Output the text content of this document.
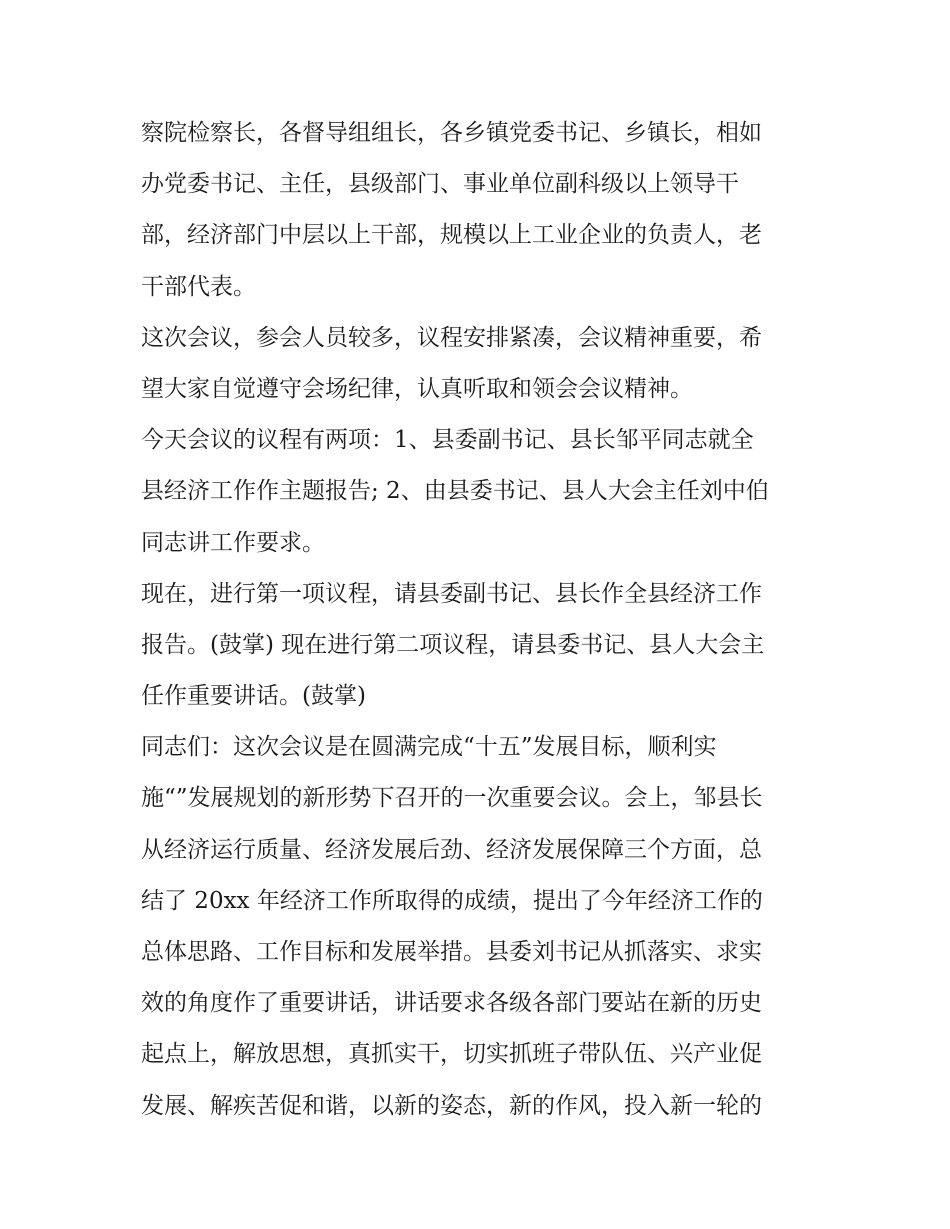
察院检察长，各督导组组长，各乡镇党委书记、乡镇长，相如
办党委书记、主任，县级部门、事业单位副科级以上领导干
部，经济部门中层以上干部，规模以上工业企业的负责人，老
干部代表。
这次会议，参会人员较多，议程安排紧凑，会议精神重要，希
望大家自觉遵守会场纪律，认真听取和领会会议精神。
今天会议的议程有两项：1、县委副书记、县长邹平同志就全
县经济工作作主题报告; 2、由县委书记、县人大会主任刘中伯
同志讲工作要求。
现在，进行第一项议程，请县委副书记、县长作全县经济工作
报告。(鼓掌) 现在进行第二项议程，请县委书记、县人大会主
任作重要讲话。(鼓掌)
同志们：这次会议是在圆满完成“十五”发展目标，顺利实
施“”发展规划的新形势下召开的一次重要会议。会上，邹县长
从经济运行质量、经济发展后劲、经济发展保障三个方面，总
结了 20xx 年经济工作所取得的成绩，提出了今年经济工作的
总体思路、工作目标和发展举措。县委刘书记从抓落实、求实
效的角度作了重要讲话，讲话要求各级各部门要站在新的历史
起点上，解放思想，真抓实干，切实抓班子带队伍、兴产业促
发展、解疾苦促和谐，以新的姿态，新的作风，投入新一轮的
